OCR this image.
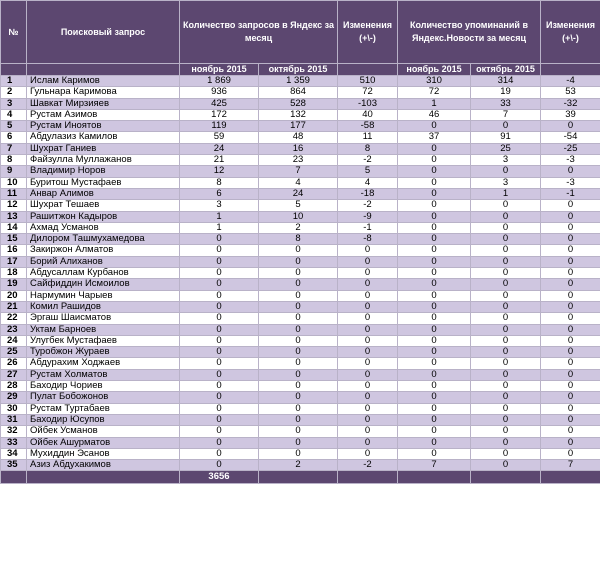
№	Поисковый запрос	Количество запросов в Яндекс за месяц		Изменения (+\-)	Количество упоминаний в Яндекс.Новости за месяц		Изменения (+\-)
		ноябрь 2015	октябрь 2015		ноябрь 2015	октябрь 2015	
1	Ислам Каримов	1 869	1 359	510	310	314	-4
2	Гульнара Каримова	936	864	72	72	19	53
3	Шавкат Мирзияев	425	528	-103	1	33	-32
4	Рустам Азимов	172	132	40	46	7	39
5	Рустам Иноятов	119	177	-58	0	0	0
6	Абдулазиз Камилов	59	48	11	37	91	-54
7	Шухрат Ганиев	24	16	8	0	25	-25
8	Файзулла Муллажанов	21	23	-2	0	3	-3
9	Владимир Норов	12	7	5	0	0	0
10	Буритош Мустафаев	8	4	4	0	3	-3
11	Анвар Алимов	6	24	-18	0	1	-1
12	Шухрат Тешаев	3	5	-2	0	0	0
13	Рашитжон Кадыров	1	10	-9	0	0	0
14	Ахмад Усманов	1	2	-1	0	0	0
15	Дилором Ташмухамедова	0	8	-8	0	0	0
16	Закиржон Алматов	0	0	0	0	0	0
17	Борий Алиханов	0	0	0	0	0	0
18	Абдусаллам Курбанов	0	0	0	0	0	0
19	Сайфиддин Исмоилов	0	0	0	0	0	0
20	Нармумин Чарыев	0	0	0	0	0	0
21	Комил Рашидов	0	0	0	0	0	0
22	Эргаш Шаисматов	0	0	0	0	0	0
23	Уктам Барноев	0	0	0	0	0	0
24	Улугбек Мустафаев	0	0	0	0	0	0
25	Туробжон Жураев	0	0	0	0	0	0
26	Абдурахим Ходжаев	0	0	0	0	0	0
27	Рустам Холматов	0	0	0	0	0	0
28	Баходир Чориев	0	0	0	0	0	0
29	Пулат Бобожонов	0	0	0	0	0	0
30	Рустам Туртабаев	0	0	0	0	0	0
31	Баходир Юсупов	0	0	0	0	0	0
32	Ойбек Усманов	0	0	0	0	0	0
33	Ойбек Ашурматов	0	0	0	0	0	0
34	Мухиддин Эсанов	0	0	0	0	0	0
35	Азиз Абдухакимов	0	2	-2	7	0	7
		3656					
